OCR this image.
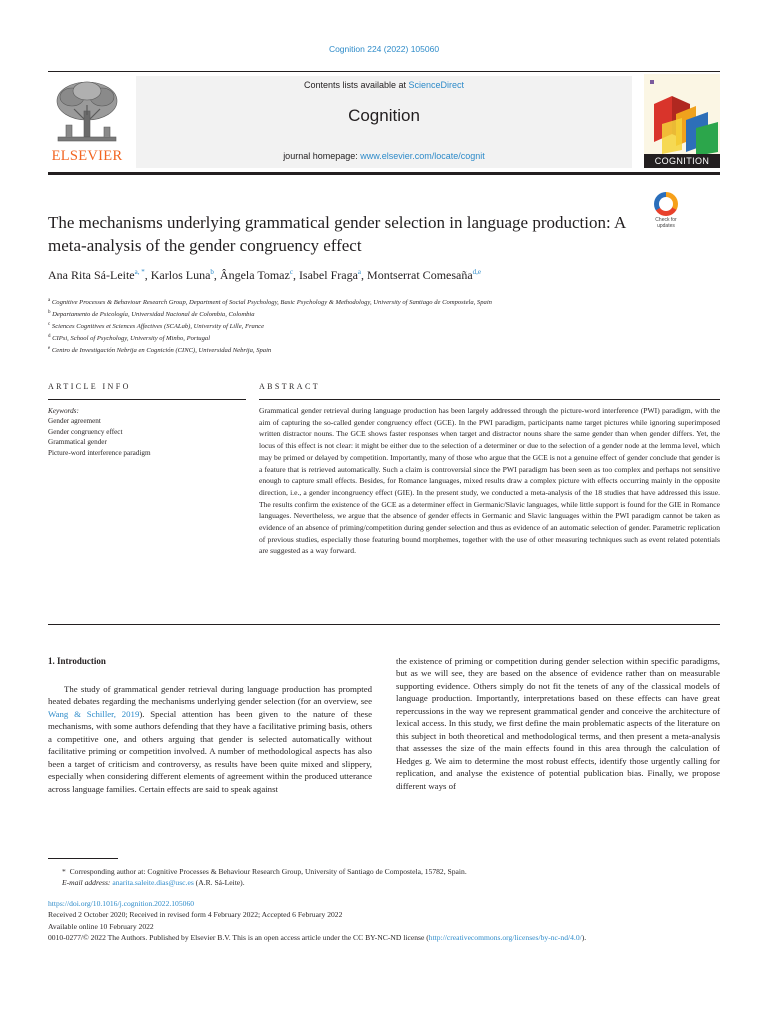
Cognition 224 (2022) 105060
ELSEVIER
Contents lists available at ScienceDirect
Cognition
journal homepage: www.elsevier.com/locate/cognit	COGNITION
The mechanisms underlying grammatical gender selection in language production: A meta-analysis of the gender congruency effect
Check for updates
Ana Rita Sá-Leite$^{a, *}$, Karlos Luna$^b$, Ângela Tomaz$^c$, Isabel Fraga$^a$, Montserrat Comesaña$^{d,e}$
$^a$ Cognitive Processes & Behaviour Research Group, Department of Social Psychology, Basic Psychology & Methodology, University of Santiago de Compostela, Spain
$^b$ Departamento de Psicología, Universidad Nacional de Colombia, Colombia
$^c$ Sciences Cognitives et Sciences Affectives (SCALab), University of Lille, France
$^d$ CIPsi, School of Psychology, University of Minho, Portugal
$^e$ Centro de Investigación Nebrija en Cognición (CINC), Universidad Nebrija, Spain
ARTICLE INFO	ABSTRACT
Keywords:
Gender agreement
Gender congruency effect
Grammatical gender
Picture-word interference paradigm
Grammatical gender retrieval during language production has been largely addressed through the picture-word interference (PWI) paradigm, with the aim of capturing the so-called gender congruency effect (GCE). In the PWI paradigm, participants name target pictures while ignoring superimposed written distractor nouns. The GCE shows faster responses when target and distractor nouns share the same gender than when gender differs. Yet, the locus of this effect is not clear: it might be either due to the selection of a determiner or due to the selection of a gender node at the lemma level, which may be primed or delayed by competition. Importantly, many of those who argue that the GCE is not a genuine effect of gender conclude that gender is a feature that is retrieved automatically. Such a claim is controversial since the PWI paradigm has been seen as too complex and perhaps not sensitive enough to capture small effects. Besides, for Romance languages, mixed results draw a complex picture with effects occurring mainly in the opposite direction, i.e., a gender incongruency effect (GIE). In the present study, we conducted a meta-analysis of the 18 studies that have addressed this issue. The results confirm the existence of the GCE as a determiner effect in Germanic/Slavic languages, while little support is found for the GIE in Romance languages. Nevertheless, we argue that the absence of gender effects in Germanic and Slavic languages within the PWI paradigm cannot be taken as evidence of an absence of priming/competition during gender selection and thus as evidence of an automatic selection of gender. Parametric replication of previous studies, especially those featuring bound morphemes, together with the use of other measuring techniques such as event related potentials are suggested as a way forward.
1. Introduction
The study of grammatical gender retrieval during language production has prompted heated debates regarding the mechanisms underlying gender selection (for an overview, see Wang & Schiller, 2019). Special attention has been given to the nature of these mechanisms, with some authors defending that they have a facilitative priming basis, others a competitive one, and others arguing that gender is selected automatically without facilitative priming or competition involved. A number of methodological aspects has also been a target of criticism and controversy, as results have been quite mixed and slippery, especially when considering different elements of agreement within the produced utterance across language families. Certain effects are said to speak against
the existence of priming or competition during gender selection within specific paradigms, but as we will see, they are based on the absence of evidence rather than on measurable supporting evidence. Others simply do not fit the tenets of any of the classical models of language production. Importantly, interpretations based on these effects can have great repercussions in the way we represent grammatical gender and conceive the architecture of lexical access. In this study, we first define the main problematic aspects of the literature on this subject in both theoretical and methodological terms, and then present a meta-analysis that assesses the size of the main effects found in this area through the calculation of Hedges g. We aim to determine the most robust effects, identify those urgently calling for replication, and analyse the existence of potential publication bias. Finally, we propose different ways of
* Corresponding author at: Cognitive Processes & Behaviour Research Group, University of Santiago de Compostela, 15782, Spain.
E-mail address: anarita.saleite.dias@usc.es (A.R. Sá-Leite).
https://doi.org/10.1016/j.cognition.2022.105060
Received 2 October 2020; Received in revised form 4 February 2022; Accepted 6 February 2022
Available online 10 February 2022
0010-0277/© 2022 The Authors. Published by Elsevier B.V. This is an open access article under the CC BY-NC-ND license (http://creativecommons.org/licenses/by-nc-nd/4.0/).
